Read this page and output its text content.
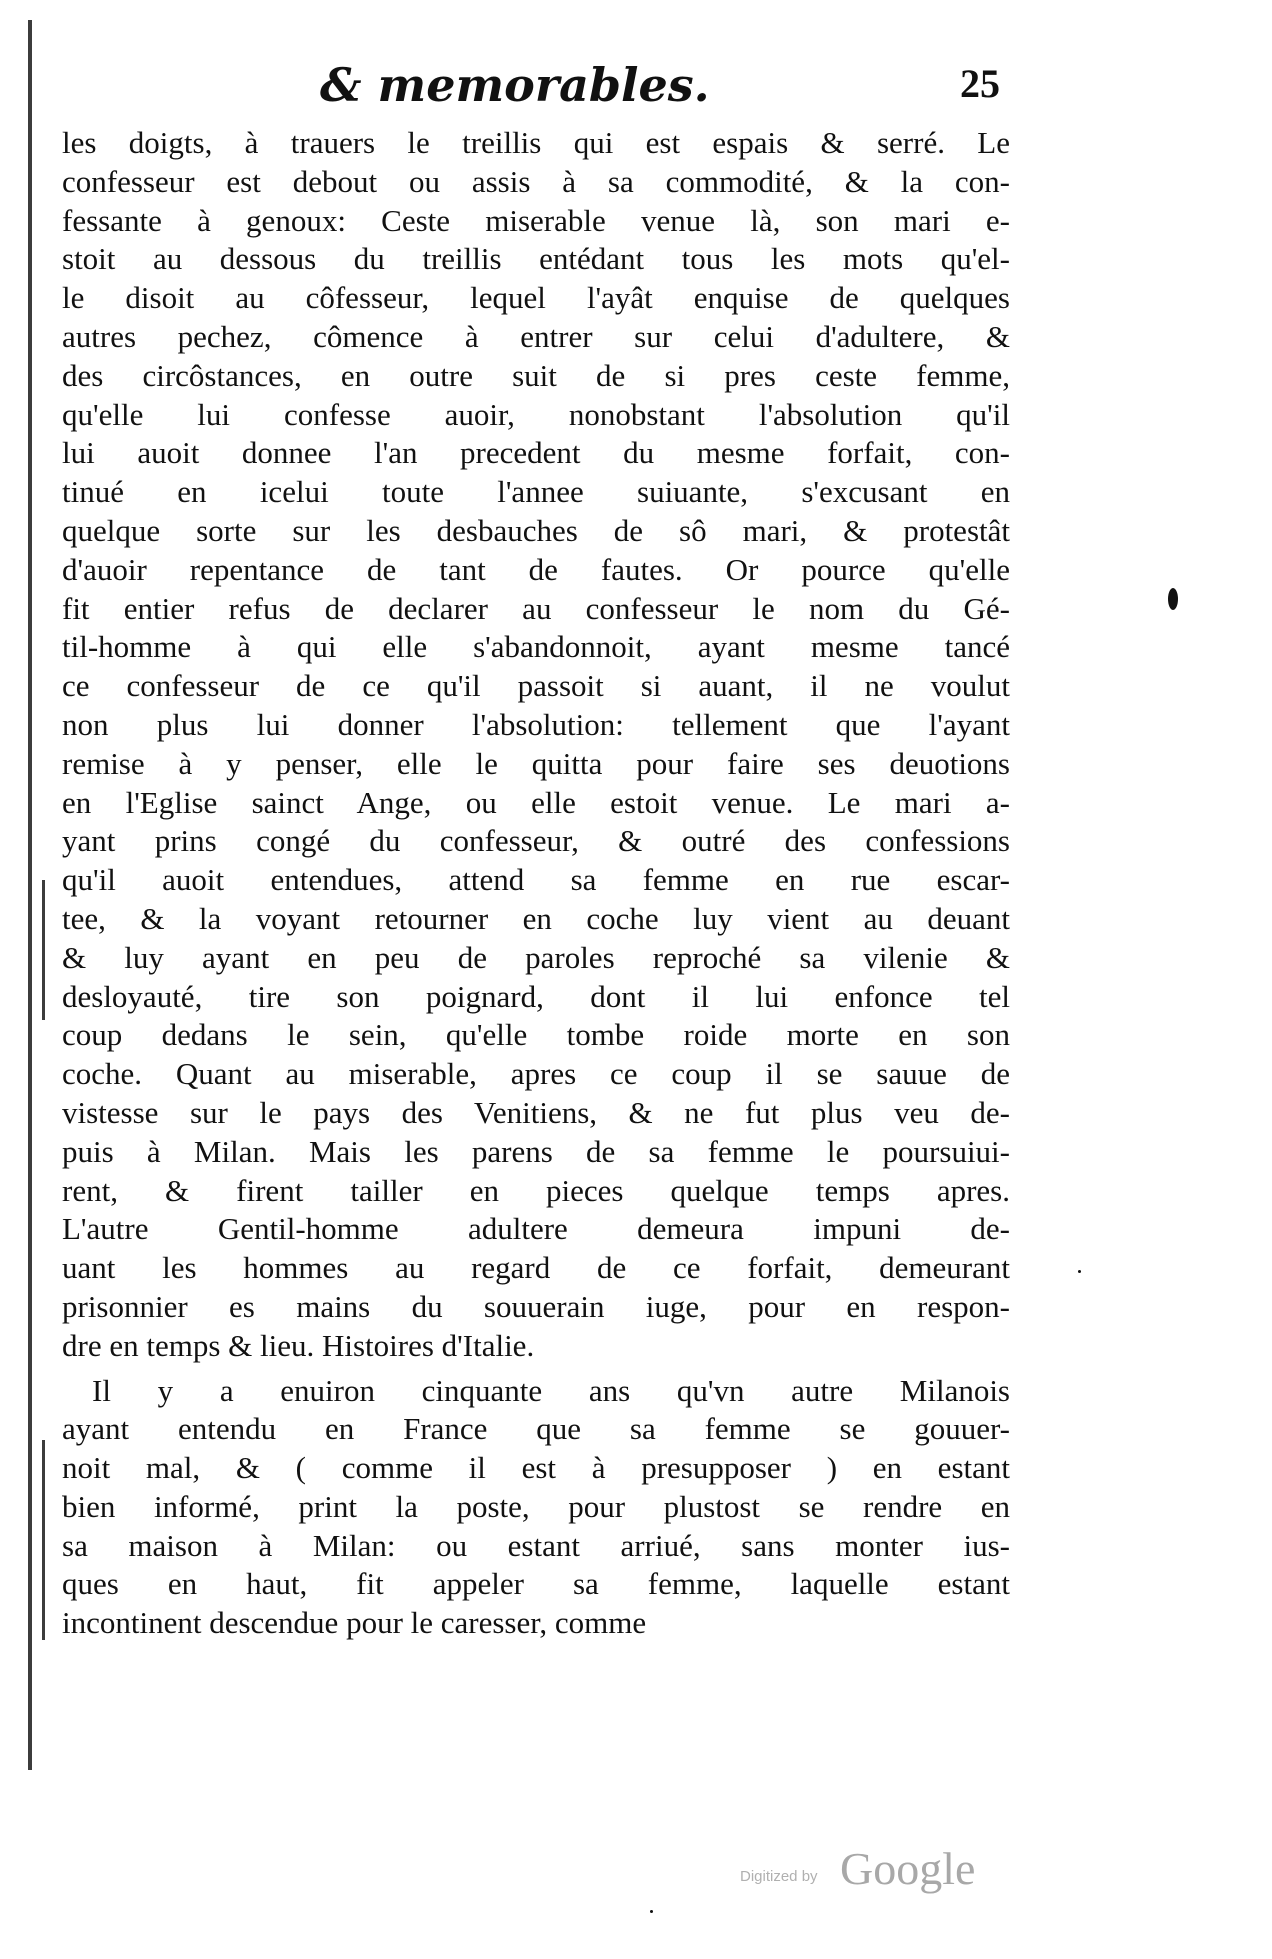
& memorables.	25
les doigts, à trauers le treillis qui est espais & serré. Le
confesseur est debout ou assis à sa commodité, & la con-
fessante à genoux: Ceste miserable venue là, son mari e-
stoit au dessous du treillis entédant tous les mots qu'el-
le disoit au côfesseur, lequel l'ayât enquise de quelques
autres pechez, cômence à entrer sur celui d'adultere, &
des circôstances, en outre suit de si pres ceste femme,
qu'elle lui confesse auoir, nonobstant l'absolution qu'il
lui auoit donnee l'an precedent du mesme forfait, con-
tinué en icelui toute l'annee suiuante, s'excusant en
quelque sorte sur les desbauches de sô mari, & protestât
d'auoir repentance de tant de fautes. Or pource qu'elle
fit entier refus de declarer au confesseur le nom du Gé-
til-homme à qui elle s'abandonnoit, ayant mesme tancé
ce confesseur de ce qu'il passoit si auant, il ne voulut
non plus lui donner l'absolution: tellement que l'ayant
remise à y penser, elle le quitta pour faire ses deuotions
en l'Eglise sainct Ange, ou elle estoit venue. Le mari a-
yant prins congé du confesseur, & outré des confessions
qu'il auoit entendues, attend sa femme en rue escar-
tee, & la voyant retourner en coche luy vient au deuant
& luy ayant en peu de paroles reproché sa vilenie &
desloyauté, tire son poignard, dont il lui enfonce tel
coup dedans le sein, qu'elle tombe roide morte en son
coche. Quant au miserable, apres ce coup il se sauue de
vistesse sur le pays des Venitiens, & ne fut plus veu de-
puis à Milan. Mais les parens de sa femme le poursuiui-
rent, & firent tailler en pieces quelque temps apres.
L'autre Gentil-homme adultere demeura impuni de-
uant les hommes au regard de ce forfait, demeurant
prisonnier es mains du souuerain iuge, pour en respon-
dre en temps & lieu. Histoires d'Italie.
Il y a enuiron cinquante ans qu'vn autre Milanois
ayant entendu en France que sa femme se gouuer-
noit mal, & ( comme il est à presupposer ) en estant
bien informé, print la poste, pour plustost se rendre en
sa maison à Milan: ou estant arriué, sans monter ius-
ques en haut, fit appeler sa femme, laquelle estant
incontinent descendue pour le caresser, comme
Digitized by Google
